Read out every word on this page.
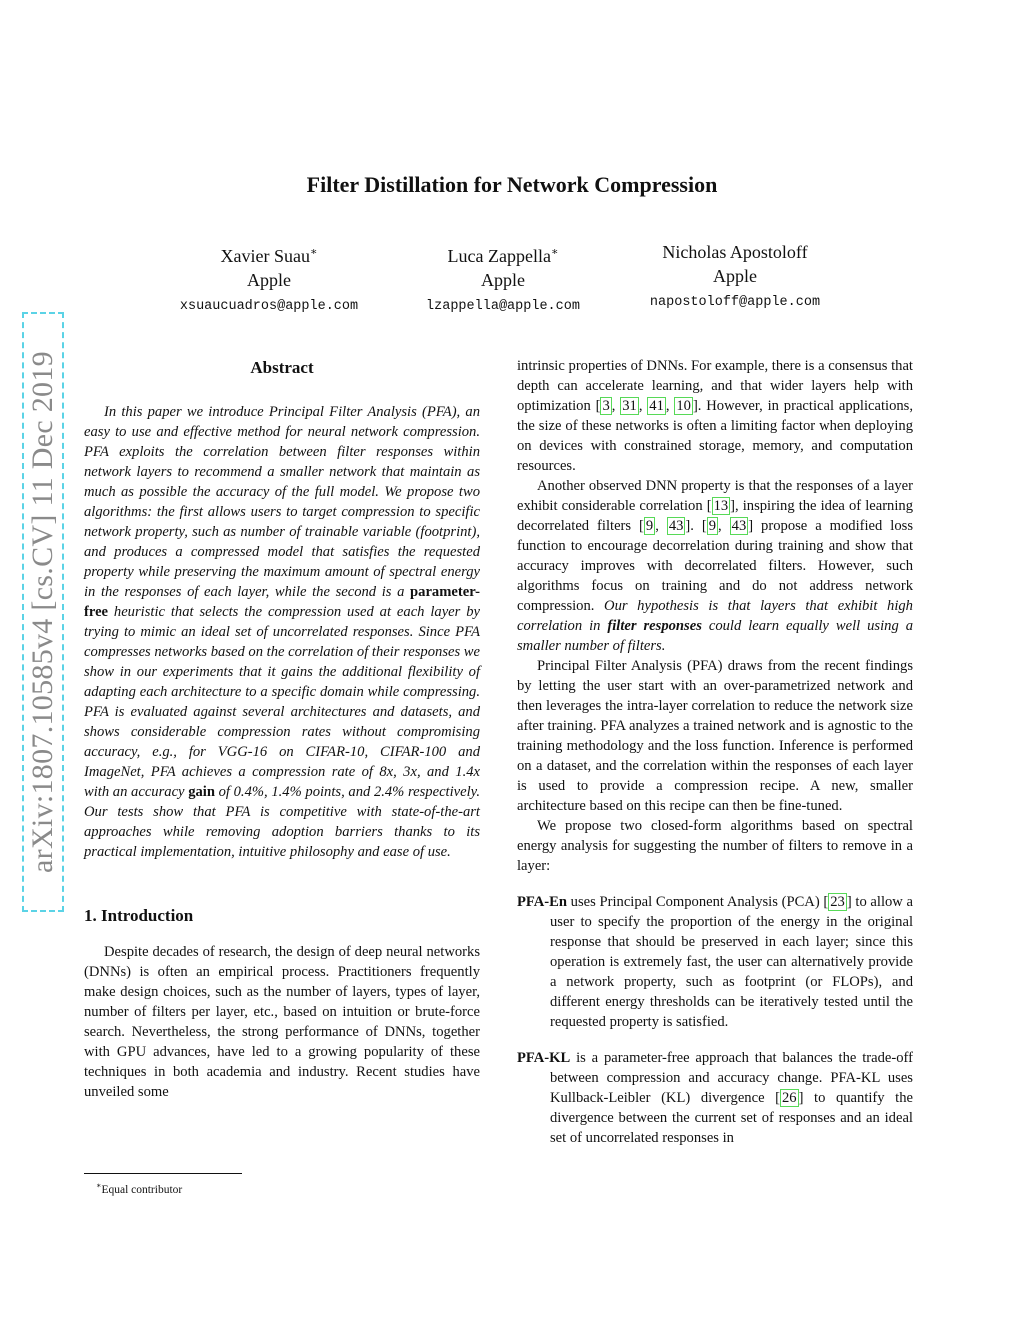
arXiv:1807.10585v4 [cs.CV] 11 Dec 2019
Filter Distillation for Network Compression
Xavier Suau∗
Apple
xsuaucuadros@apple.com
Luca Zappella∗
Apple
lzappella@apple.com
Nicholas Apostoloff
Apple
napostoloff@apple.com

Abstract

In this paper we introduce Principal Filter Analysis (PFA), an easy to use and effective method for neural network compression. PFA exploits the correlation between filter responses within network layers to recommend a smaller network that maintain as much as possible the accuracy of the full model. We propose two algorithms: the first allows users to target compression to specific network property, such as number of trainable variable (footprint), and produces a compressed model that satisfies the requested property while preserving the maximum amount of spectral energy in the responses of each layer, while the second is a parameter-free heuristic that selects the compression used at each layer by trying to mimic an ideal set of uncorrelated responses. Since PFA compresses networks based on the correlation of their responses we show in our experiments that it gains the additional flexibility of adapting each architecture to a specific domain while compressing. PFA is evaluated against several architectures and datasets, and shows considerable compression rates without compromising accuracy, e.g., for VGG-16 on CIFAR-10, CIFAR-100 and ImageNet, PFA achieves a compression rate of 8x, 3x, and 1.4x with an accuracy gain of 0.4%, 1.4% points, and 2.4% respectively. Our tests show that PFA is competitive with state-of-the-art approaches while removing adoption barriers thanks to its practical implementation, intuitive philosophy and ease of use.

1. Introduction

Despite decades of research, the design of deep neural networks (DNNs) is often an empirical process. Practitioners frequently make design choices, such as the number of layers, types of layer, number of filters per layer, etc., based on intuition or brute-force search. Nevertheless, the strong performance of DNNs, together with GPU advances, have led to a growing popularity of these techniques in both academia and industry. Recent studies have unveiled some

intrinsic properties of DNNs. For example, there is a consensus that depth can accelerate learning, and that wider layers help with optimization [ 3 , 31 , 41 , 10 ]. However, in practical applications, the size of these networks is often a limiting factor when deploying on devices with constrained storage, memory, and computation resources.

Another observed DNN property is that the responses of a layer exhibit considerable correlation [ 13 ], inspiring the idea of learning decorrelated filters [ 9 , 43 ]. [ 9 , 43 ] propose a modified loss function to encourage decorrelation during training and show that accuracy improves with decorrelated filters. However, such algorithms focus on training and do not address network compression. Our hypothesis is that layers that exhibit high correlation in filter responses could learn equally well using a smaller number of filters.

Principal Filter Analysis (PFA) draws from the recent findings by letting the user start with an over-parametrized network and then leverages the intra-layer correlation to reduce the network size after training. PFA analyzes a trained network and is agnostic to the training methodology and the loss function. Inference is performed on a dataset, and the correlation within the responses of each layer is used to provide a compression recipe. A new, smaller architecture based on this recipe can then be fine-tuned.

We propose two closed-form algorithms based on spectral energy analysis for suggesting the number of filters to remove in a layer:

PFA-En uses Principal Component Analysis (PCA) [ 23 ] to allow a user to specify the proportion of the energy in the original response that should be preserved in each layer; since this operation is extremely fast, the user can alternatively provide a network property, such as footprint (or FLOPs), and different energy thresholds can be iteratively tested until the requested property is satisfied.

PFA-KL is a parameter-free approach that balances the trade-off between compression and accuracy change. PFA-KL uses Kullback-Leibler (KL) divergence [ 26 ] to quantify the divergence between the current set of responses and an ideal set of uncorrelated responses in

∗Equal contributor
